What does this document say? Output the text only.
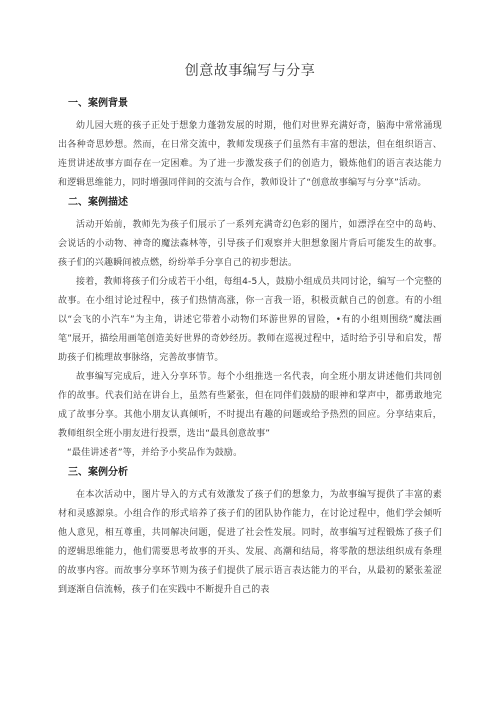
创意故事编写与分享
一、案例背景

幼儿园大班的孩子正处于想象力蓬勃发展的时期，他们对世界充满好奇，脑海中常常涌现出各种奇思妙想。然而，在日常交流中，教师发现孩子们虽然有丰富的想法，但在组织语言、连贯讲述故事方面存在一定困难。为了进一步激发孩子们的创造力，锻炼他们的语言表达能力和逻辑思维能力，同时增强同伴间的交流与合作，教师设计了“创意故事编写与分享”活动。

二、案例描述

活动开始前，教师先为孩子们展示了一系列充满奇幻色彩的图片，如漂浮在空中的岛屿、会说话的小动物、神奇的魔法森林等，引导孩子们观察并大胆想象图片背后可能发生的故事。孩子们的兴趣瞬间被点燃，纷纷举手分享自己的初步想法。

接着，教师将孩子们分成若干小组，每组4-5人，鼓励小组成员共同讨论，编写一个完整的故事。在小组讨论过程中，孩子们热情高涨，你一言我一语，积极贡献自己的创意。有的小组以“会飞的小汽车”为主角，讲述它带着小动物们环游世界的冒险，•有的小组则围绕“魔法画笔”展开，描绘用画笔创造美好世界的奇妙经历。教师在巡视过程中，适时给予引导和启发，帮助孩子们梳理故事脉络，完善故事情节。

故事编写完成后，进入分享环节。每个小组推选一名代表，向全班小朋友讲述他们共同创作的故事。代表们站在讲台上，虽然有些紧张，但在同伴们鼓励的眼神和掌声中，都勇敢地完成了故事分享。其他小朋友认真倾听，不时提出有趣的问题或给予热烈的回应。分享结束后，教师组织全班小朋友进行投票，选出“最具创意故事”

“最佳讲述者”等，并给予小奖品作为鼓励。

三、案例分析

在本次活动中，图片导入的方式有效激发了孩子们的想象力，为故事编写提供了丰富的素材和灵感源泉。小组合作的形式培养了孩子们的团队协作能力，在讨论过程中，他们学会倾听他人意见，相互尊重，共同解决问题，促进了社会性发展。同时，故事编写过程锻炼了孩子们的逻辑思维能力，他们需要思考故事的开头、发展、高潮和结局，将零散的想法组织成有条理的故事内容。而故事分享环节则为孩子们提供了展示语言表达能力的平台，从最初的紧张羞涩到逐渐自信流畅，孩子们在实践中不断提升自己的表
